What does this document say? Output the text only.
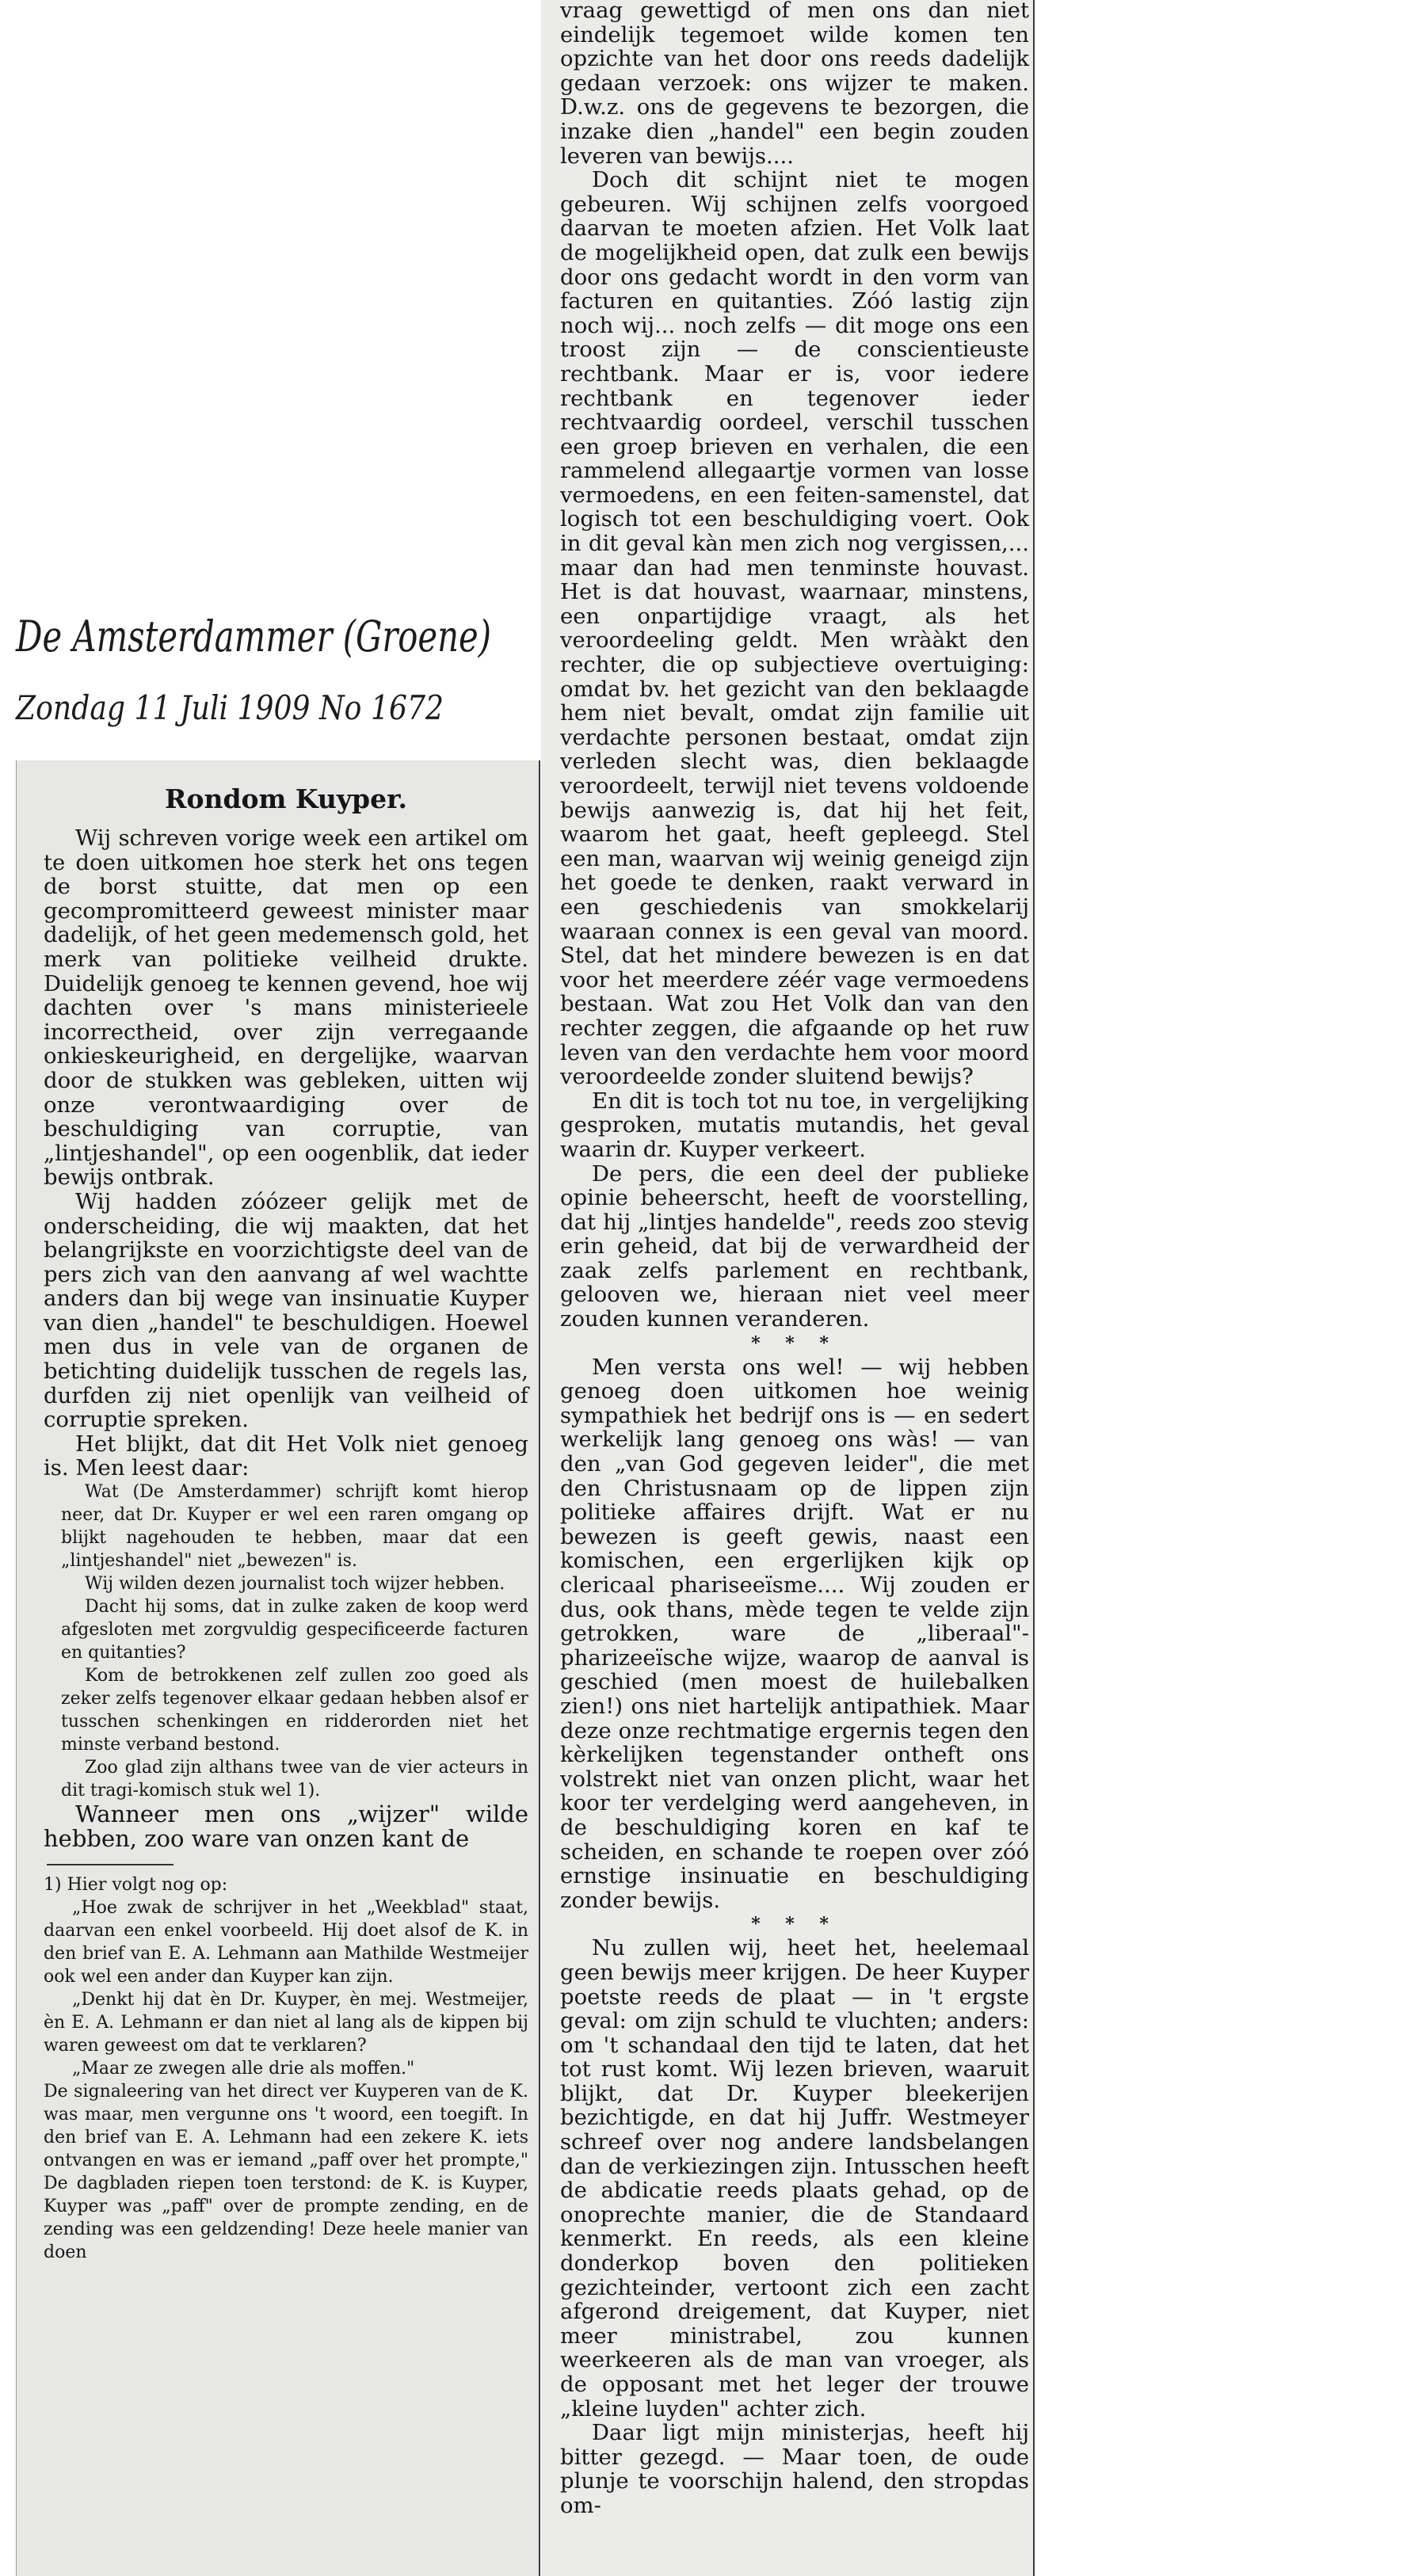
De Amsterdammer (Groene)
Zondag 11 Juli 1909 No 1672
Rondom Kuyper.

Wij schreven vorige week een artikel om te doen uitkomen hoe sterk het ons tegen de borst stuitte, dat men op een gecompromitteerd geweest minister maar dadelijk, of het geen medemensch gold, het merk van politieke veilheid drukte. Duidelijk genoeg te kennen gevend, hoe wij dachten over 's mans ministerieele incorrectheid, over zijn verregaande onkieskeurigheid, en dergelijke, waarvan door de stukken was gebleken, uitten wij onze verontwaardiging over de beschuldiging van corruptie, van „lintjeshandel", op een oogenblik, dat ieder bewijs ontbrak.

Wij hadden zóózeer gelijk met de onderscheiding, die wij maakten, dat het belangrijkste en voorzichtigste deel van de pers zich van den aanvang af wel wachtte anders dan bij wege van insinuatie Kuyper van dien „handel" te beschuldigen. Hoewel men dus in vele van de organen de betichting duidelijk tusschen de regels las, durfden zij niet openlijk van veilheid of corruptie spreken.

Het blijkt, dat dit Het Volk niet genoeg is. Men leest daar:

Wat (De Amsterdammer) schrijft komt hierop neer, dat Dr. Kuyper er wel een raren omgang op blijkt nagehouden te hebben, maar dat een „lintjeshandel" niet „bewezen" is.

Wij wilden dezen journalist toch wijzer hebben.

Dacht hij soms, dat in zulke zaken de koop werd afgesloten met zorgvuldig gespecificeerde facturen en quitanties?

Kom de betrokkenen zelf zullen zoo goed als zeker zelfs tegenover elkaar gedaan hebben alsof er tusschen schenkingen en ridderorden niet het minste verband bestond.

Zoo glad zijn althans twee van de vier acteurs in dit tragi-komisch stuk wel 1).

Wanneer men ons „wijzer" wilde hebben, zoo ware van onzen kant de

1) Hier volgt nog op:

„Hoe zwak de schrijver in het „Weekblad" staat, daarvan een enkel voorbeeld. Hij doet alsof de K. in den brief van E. A. Lehmann aan Mathilde Westmeijer ook wel een ander dan Kuyper kan zijn.

„Denkt hij dat èn Dr. Kuyper, èn mej. Westmeijer, èn E. A. Lehmann er dan niet al lang als de kippen bij waren geweest om dat te verklaren?

„Maar ze zwegen alle drie als moffen."

De signaleering van het direct ver Kuyperen van de K. was maar, men vergunne ons 't woord, een toegift. In den brief van E. A. Lehmann had een zekere K. iets ontvangen en was er iemand „paff over het prompte," De dagbladen riepen toen terstond: de K. is Kuyper, Kuyper was „paff" over de prompte zending, en de zending was een geldzending! Deze heele manier van doen

vraag gewettigd of men ons dan niet eindelijk tegemoet wilde komen ten opzichte van het door ons reeds dadelijk gedaan verzoek: ons wijzer te maken. D.w.z. ons de gegevens te bezorgen, die inzake dien „handel" een begin zouden leveren van bewijs....

Doch dit schijnt niet te mogen gebeuren. Wij schijnen zelfs voorgoed daarvan te moeten afzien. Het Volk laat de mogelijkheid open, dat zulk een bewijs door ons gedacht wordt in den vorm van facturen en quitanties. Zóó lastig zijn noch wij... noch zelfs — dit moge ons een troost zijn — de conscientieuste rechtbank. Maar er is, voor iedere rechtbank en tegenover ieder rechtvaardig oordeel, verschil tusschen een groep brieven en verhalen, die een rammelend allegaartje vormen van losse vermoedens, en een feiten-samenstel, dat logisch tot een beschuldiging voert. Ook in dit geval kàn men zich nog vergissen,... maar dan had men tenminste houvast. Het is dat houvast, waarnaar, minstens, een onpartijdige vraagt, als het veroordeeling geldt. Men wrààkt den rechter, die op subjectieve overtuiging: omdat bv. het gezicht van den beklaagde hem niet bevalt, omdat zijn familie uit verdachte personen bestaat, omdat zijn verleden slecht was, dien beklaagde veroordeelt, terwijl niet tevens voldoende bewijs aanwezig is, dat hij het feit, waarom het gaat, heeft gepleegd. Stel een man, waarvan wij weinig geneigd zijn het goede te denken, raakt verward in een geschiedenis van smokkelarij waaraan connex is een geval van moord. Stel, dat het mindere bewezen is en dat voor het meerdere zéér vage vermoedens bestaan. Wat zou Het Volk dan van den rechter zeggen, die afgaande op het ruw leven van den verdachte hem voor moord veroordeelde zonder sluitend bewijs?

En dit is toch tot nu toe, in vergelijking gesproken, mutatis mutandis, het geval waarin dr. Kuyper verkeert.

De pers, die een deel der publieke opinie beheerscht, heeft de voorstelling, dat hij „lintjes handelde", reeds zoo stevig erin geheid, dat bij de verwardheid der zaak zelfs parlement en rechtbank, gelooven we, hieraan niet veel meer zouden kunnen veranderen.

* * *

Men versta ons wel! — wij hebben genoeg doen uitkomen hoe weinig sympathiek het bedrijf ons is — en sedert werkelijk lang genoeg ons wàs! — van den „van God gegeven leider", die met den Christusnaam op de lippen zijn politieke affaires drijft. Wat er nu bewezen is geeft gewis, naast een komischen, een ergerlijken kijk op clericaal phariseeïsme.... Wij zouden er dus, ook thans, mède tegen te velde zijn getrokken, ware de „liberaal"-pharizeeïsche wijze, waarop de aanval is geschied (men moest de huilebalken zien!) ons niet hartelijk antipathiek. Maar deze onze rechtmatige ergernis tegen den kèrkelijken tegenstander ontheft ons volstrekt niet van onzen plicht, waar het koor ter verdelging werd aangeheven, in de beschuldiging koren en kaf te scheiden, en schande te roepen over zóó ernstige insinuatie en beschuldiging zonder bewijs.

* * *

Nu zullen wij, heet het, heelemaal geen bewijs meer krijgen. De heer Kuyper poetste reeds de plaat — in 't ergste geval: om zijn schuld te vluchten; anders: om 't schandaal den tijd te laten, dat het tot rust komt. Wij lezen brieven, waaruit blijkt, dat Dr. Kuyper bleekerijen bezichtigde, en dat hij Juffr. Westmeyer schreef over nog andere landsbelangen dan de verkiezingen zijn. Intusschen heeft de abdicatie reeds plaats gehad, op de onoprechte manier, die de Standaard kenmerkt. En reeds, als een kleine donderkop boven den politieken gezichteinder, vertoont zich een zacht afgerond dreigement, dat Kuyper, niet meer ministrabel, zou kunnen weerkeeren als de man van vroeger, als de opposant met het leger der trouwe „kleine luyden" achter zich.

Daar ligt mijn ministerjas, heeft hij bitter gezegd. — Maar toen, de oude plunje te voorschijn halend, den stropdas om-
